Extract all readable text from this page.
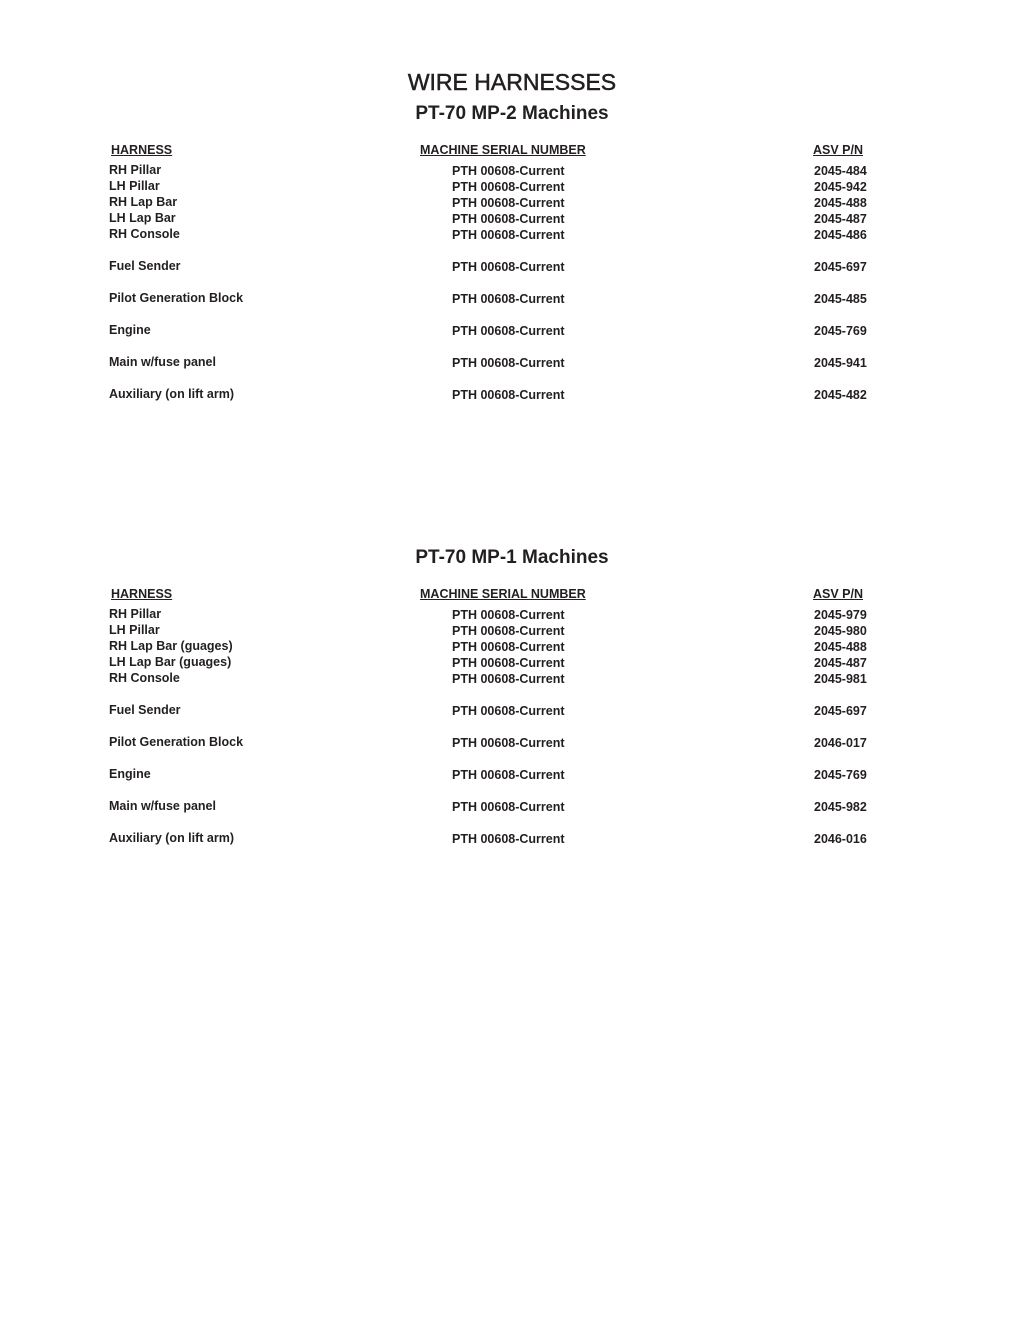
WIRE HARNESSES
PT-70 MP-2 Machines
HARNESS	MACHINE SERIAL NUMBER	ASV P/N
RH Pillar	PTH 00608-Current	2045-484
LH Pillar	PTH 00608-Current	2045-942
RH Lap Bar	PTH 00608-Current	2045-488
LH Lap Bar	PTH 00608-Current	2045-487
RH Console	PTH 00608-Current	2045-486
Fuel Sender	PTH 00608-Current	2045-697
Pilot Generation Block	PTH 00608-Current	2045-485
Engine	PTH 00608-Current	2045-769
Main w/fuse panel	PTH 00608-Current	2045-941
Auxiliary (on lift arm)	PTH 00608-Current	2045-482
PT-70 MP-1 Machines
HARNESS	MACHINE SERIAL NUMBER	ASV P/N
RH Pillar	PTH 00608-Current	2045-979
LH Pillar	PTH 00608-Current	2045-980
RH Lap Bar (guages)	PTH 00608-Current	2045-488
LH Lap Bar (guages)	PTH 00608-Current	2045-487
RH Console	PTH 00608-Current	2045-981
Fuel Sender	PTH 00608-Current	2045-697
Pilot Generation Block	PTH 00608-Current	2046-017
Engine	PTH 00608-Current	2045-769
Main w/fuse panel	PTH 00608-Current	2045-982
Auxiliary (on lift arm)	PTH 00608-Current	2046-016
